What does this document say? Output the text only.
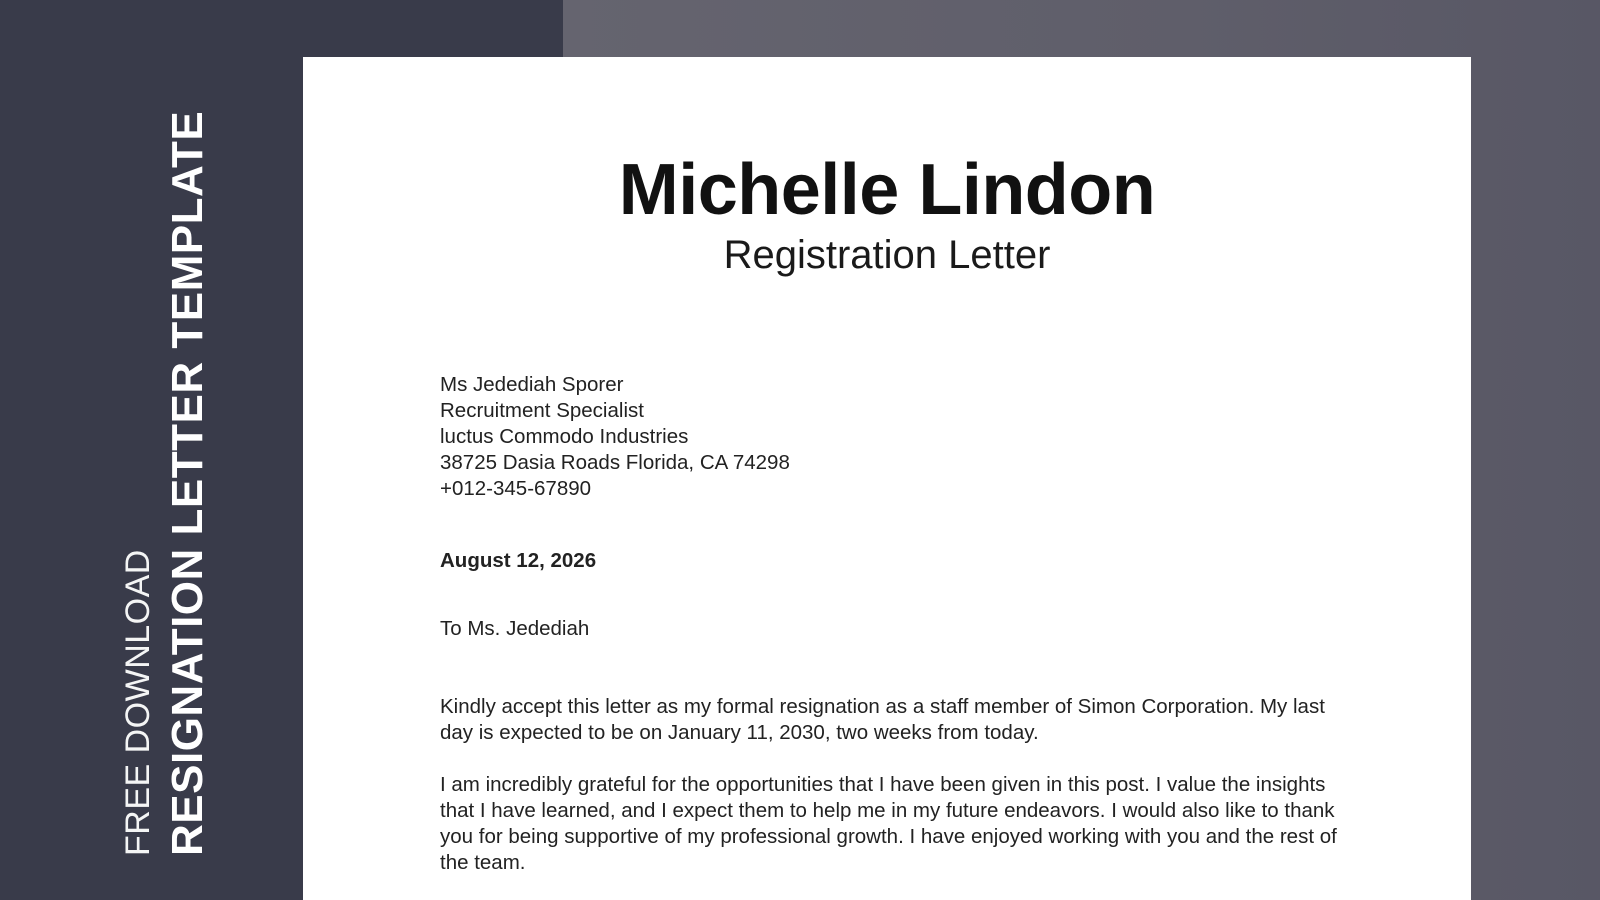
FREE DOWNLOAD RESIGNATION LETTER TEMPLATE	Michelle Lindon
Registration Letter
Ms Jedediah Sporer
Recruitment Specialist
luctus Commodo Industries
38725 Dasia Roads Florida, CA 74298
+012-345-67890
August 12, 2026
To Ms. Jedediah
Kindly accept this letter as my formal resignation as a staff member of Simon Corporation. My last day is expected to be on January 11, 2030, two weeks from today.
I am incredibly grateful for the opportunities that I have been given in this post. I value the insights that I have learned, and I expect them to help me in my future endeavors. I would also like to thank you for being supportive of my professional growth. I have enjoyed working with you and the rest of the team.
